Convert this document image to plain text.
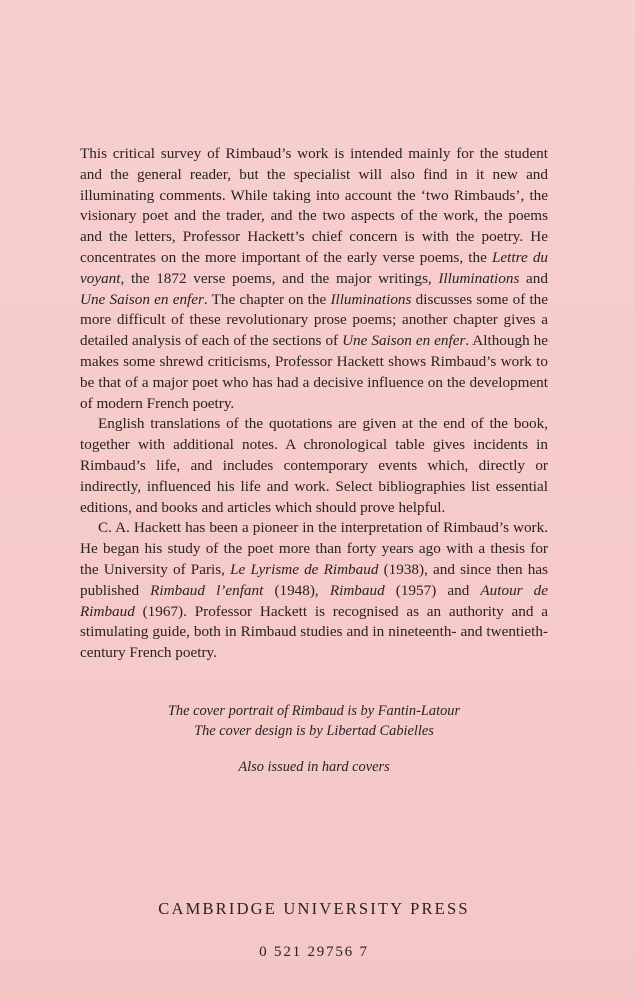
This critical survey of Rimbaud’s work is intended mainly for the student and the general reader, but the specialist will also find in it new and illuminating comments. While taking into account the ‘two Rimbauds’, the visionary poet and the trader, and the two aspects of the work, the poems and the letters, Professor Hackett’s chief concern is with the poetry. He concentrates on the more important of the early verse poems, the Lettre du voyant, the 1872 verse poems, and the major writings, Illuminations and Une Saison en enfer. The chapter on the Illuminations discusses some of the more difficult of these revolutionary prose poems; another chapter gives a detailed analysis of each of the sections of Une Saison en enfer. Although he makes some shrewd criticisms, Professor Hackett shows Rimbaud’s work to be that of a major poet who has had a decisive influence on the development of modern French poetry.

English translations of the quotations are given at the end of the book, together with additional notes. A chronological table gives incidents in Rimbaud’s life, and includes contemporary events which, directly or indirectly, influenced his life and work. Select bibliographies list essential editions, and books and articles which should prove helpful.

C. A. Hackett has been a pioneer in the interpretation of Rimbaud’s work. He began his study of the poet more than forty years ago with a thesis for the University of Paris, Le Lyrisme de Rimbaud (1938), and since then has published Rimbaud l’enfant (1948), Rimbaud (1957) and Autour de Rimbaud (1967). Professor Hackett is recognised as an authority and a stimulating guide, both in Rimbaud studies and in nineteenth- and twentieth-century French poetry.

The cover portrait of Rimbaud is by Fantin-Latour
The cover design is by Libertad Cabielles
Also issued in hard covers
CAMBRIDGE UNIVERSITY PRESS
0 521 29756 7
